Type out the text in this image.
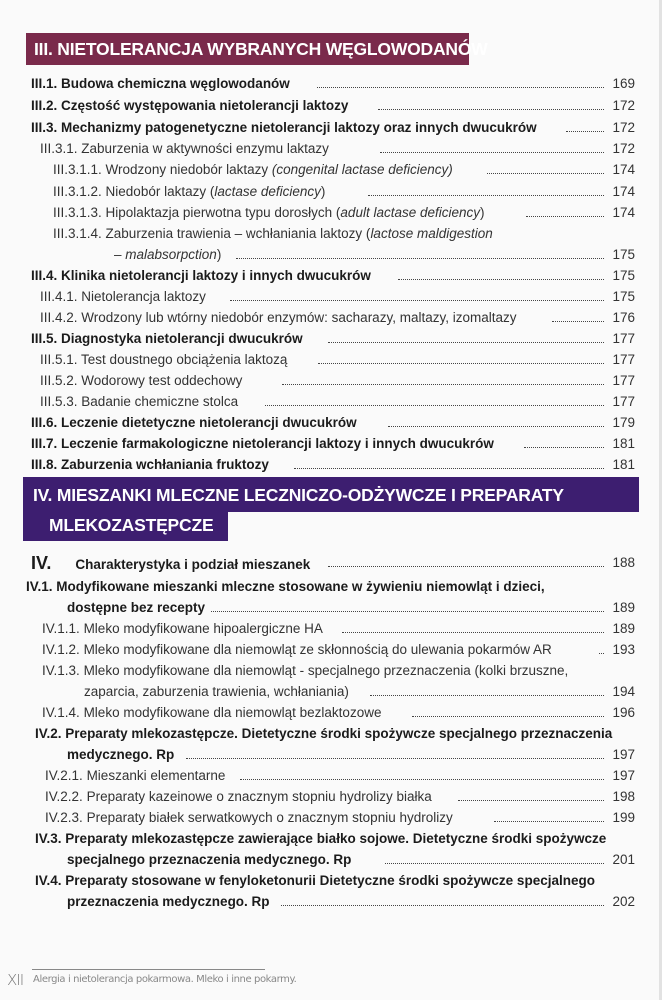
III. NIETOLERANCJA WYBRANYCH WĘGLOWODANÓW
III.1. Budowa chemiczna węglowodanów	169
III.2. Częstość występowania nietolerancji laktozy	172
III.3. Mechanizmy patogenetyczne nietolerancji laktozy oraz innych dwucukrów	172
III.3.1. Zaburzenia w aktywności enzymu laktazy	172
III.3.1.1. Wrodzony niedobór laktazy (congenital lactase deficiency)	174
III.3.1.2. Niedobór laktazy (lactase deficiency)	174
III.3.1.3. Hipolaktazja pierwotna typu dorosłych (adult lactase deficiency)	174
III.3.1.4. Zaburzenia trawienia – wchłaniania laktozy (lactose maldigestion
– malabsorpction)	175
III.4. Klinika nietolerancji laktozy i innych dwucukrów	175
III.4.1. Nietolerancja laktozy	175
III.4.2. Wrodzony lub wtórny niedobór enzymów: sacharazy, maltazy, izomaltazy	176
III.5. Diagnostyka nietolerancji dwucukrów	177
III.5.1. Test doustnego obciążenia laktozą	177
III.5.2. Wodorowy test oddechowy	177
III.5.3. Badanie chemiczne stolca	177
III.6. Leczenie dietetyczne nietolerancji dwucukrów	179
III.7. Leczenie farmakologiczne nietolerancji laktozy i innych dwucukrów	181
III.8. Zaburzenia wchłaniania fruktozy	181
IV. MIESZANKI MLECZNE LECZNICZO-ODŻYWCZE I PREPARATY
MLEKOZASTĘPCZE
IV. Charakterystyka i podział mieszanek	188
IV.1. Modyfikowane mieszanki mleczne stosowane w żywieniu niemowląt i dzieci,
dostępne bez recepty	189
IV.1.1. Mleko modyfikowane hipoalergiczne HA	189
IV.1.2. Mleko modyfikowane dla niemowląt ze skłonnością do ulewania pokarmów AR	193
IV.1.3. Mleko modyfikowane dla niemowląt - specjalnego przeznaczenia (kolki brzuszne,
zaparcia, zaburzenia trawienia, wchłaniania)	194
IV.1.4. Mleko modyfikowane dla niemowląt bezlaktozowe	196
IV.2. Preparaty mlekozastępcze. Dietetyczne środki spożywcze specjalnego przeznaczenia
medycznego. Rp	197
IV.2.1. Mieszanki elementarne	197
IV.2.2. Preparaty kazeinowe o znacznym stopniu hydrolizy białka	198
IV.2.3. Preparaty białek serwatkowych o znacznym stopniu hydrolizy	199
IV.3. Preparaty mlekozastępcze zawierające białko sojowe. Dietetyczne środki spożywcze
specjalnego przeznaczenia medycznego. Rp	201
IV.4. Preparaty stosowane w fenyloketonurii Dietetyczne środki spożywcze specjalnego
przeznaczenia medycznego. Rp	202
XII Alergia i nietolerancja pokarmowa. Mleko i inne pokarmy.
